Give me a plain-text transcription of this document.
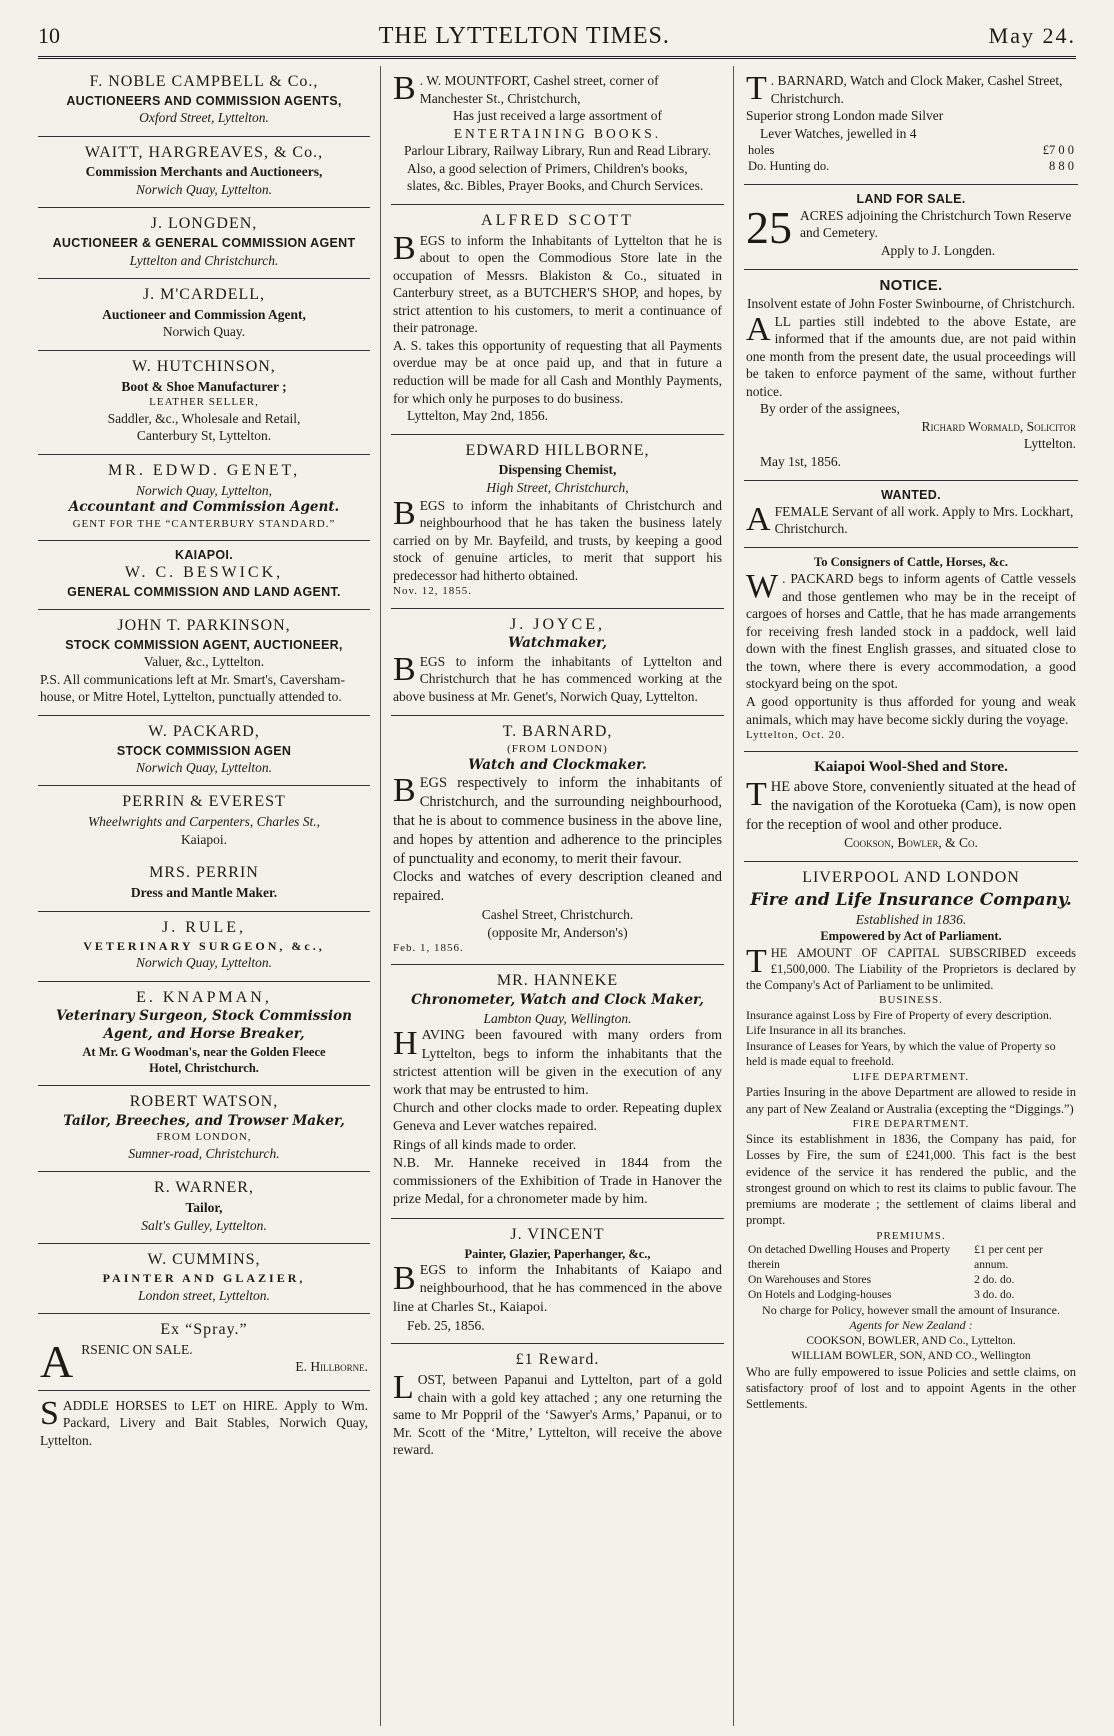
10	THE LYTTELTON TIMES.	May 24.
F. NOBLE CAMPBELL & Co.,
AUCTIONEERS AND COMMISSION AGENTS,
Oxford Street, Lyttelton.
WAITT, HARGREAVES, & Co.,
Commission Merchants and Auctioneers,
Norwich Quay, Lyttelton.
J. LONGDEN,
AUCTIONEER & GENERAL COMMISSION AGENT
Lyttelton and Christchurch.
J. M'CARDELL,
Auctioneer and Commission Agent,
Norwich Quay.
W. HUTCHINSON,
Boot & Shoe Manufacturer ;
LEATHER SELLER,
Saddler, &c., Wholesale and Retail,
Canterbury St, Lyttelton.
MR. EDWD. GENET,
Norwich Quay, Lyttelton,
Accountant and Commission Agent.
GENT FOR THE “CANTERBURY STANDARD.”
KAIAPOI.
W. C. BESWICK,
GENERAL COMMISSION AND LAND AGENT.
JOHN T. PARKINSON,
STOCK COMMISSION AGENT, AUCTIONEER,
Valuer, &c., Lyttelton.
P.S. All communications left at Mr. Smart's, Caversham-house, or Mitre Hotel, Lyttelton, punctually attended to.
W. PACKARD,
STOCK COMMISSION AGEN
Norwich Quay, Lyttelton.
PERRIN & EVEREST
Wheelwrights and Carpenters, Charles St.,
Kaiapoi.
MRS. PERRIN
Dress and Mantle Maker.
J. RULE,
VETERINARY SURGEON, &c.,
Norwich Quay, Lyttelton.
E. KNAPMAN,
Veterinary Surgeon, Stock Commission Agent, and Horse Breaker,
At Mr. G Woodman's, near the Golden Fleece
Hotel, Christchurch.
ROBERT WATSON,
Tailor, Breeches, and Trowser Maker,
FROM LONDON,
Sumner-road, Christchurch.
R. WARNER,
Tailor,
Salt's Gulley, Lyttelton.
W. CUMMINS,
PAINTER AND GLAZIER,
London street, Lyttelton.
Ex “Spray.”
ARSENIC ON SALE.
E. Hillborne.
SADDLE HORSES to LET on HIRE. Apply to Wm. Packard, Livery and Bait Stables, Norwich Quay, Lyttelton.
B . W. MOUNTFORT, Cashel street, corner of Manchester St., Christchurch,
Has just received a large assortment of
ENTERTAINING BOOKS.
Parlour Library, Railway Library, Run and Read Library.
Also, a good selection of Primers, Children's books, slates, &c. Bibles, Prayer Books, and Church Services.
ALFRED SCOTT
BEGS to inform the Inhabitants of Lyttelton that he is about to open the Commodious Store late in the occupation of Messrs. Blakiston & Co., situated in Canterbury street, as a BUTCHER'S SHOP, and hopes, by strict attention to his customers, to merit a continuance of their patronage.
A. S. takes this opportunity of requesting that all Payments overdue may be at once paid up, and that in future a reduction will be made for all Cash and Monthly Payments, for which only he purposes to do business.
Lyttelton, May 2nd, 1856.
EDWARD HILLBORNE,
Dispensing Chemist,
High Street, Christchurch,
BEGS to inform the inhabitants of Christchurch and neighbourhood that he has taken the business lately carried on by Mr. Bayfeild, and trusts, by keeping a good stock of genuine articles, to merit that support his predecessor had hitherto obtained.
Nov. 12, 1855.
J. JOYCE,
Watchmaker,
BEGS to inform the inhabitants of Lyttelton and Christchurch that he has commenced working at the above business at Mr. Genet's, Norwich Quay, Lyttelton.
T. BARNARD,
(FROM LONDON)
Watch and Clockmaker.
BEGS respectively to inform the inhabitants of Christchurch, and the surrounding neighbourhood, that he is about to commence business in the above line, and hopes by attention and adherence to the principles of punctuality and economy, to merit their favour.
Clocks and watches of every description cleaned and repaired.
Cashel Street, Christchurch.
(opposite Mr, Anderson's)
Feb. 1, 1856.
MR. HANNEKE
Chronometer, Watch and Clock Maker,
Lambton Quay, Wellington.
HAVING been favoured with many orders from Lyttelton, begs to inform the inhabitants that the strictest attention will be given in the execution of any work that may be entrusted to him.
Church and other clocks made to order. Repeating duplex Geneva and Lever watches repaired.
Rings of all kinds made to order.
N.B. Mr. Hanneke received in 1844 from the commissioners of the Exhibition of Trade in Hanover the prize Medal, for a chronometer made by him.
J. VINCENT
Painter, Glazier, Paperhanger, &c.,
BEGS to inform the Inhabitants of Kaiapo and neighbourhood, that he has commenced in the above line at Charles St., Kaiapoi.
Feb. 25, 1856.
£1 Reward.
LOST, between Papanui and Lyttelton, part of a gold chain with a gold key attached ; any one returning the same to Mr Poppril of the ‘Sawyer's Arms,’ Papanui, or to Mr. Scott of the ‘Mitre,’ Lyttelton, will receive the above reward.
T . BARNARD, Watch and Clock Maker, Cashel Street, Christchurch.
Superior strong London made Silver
Lever Watches, jewelled in 4
holes	£7 0 0
Do. Hunting do.	8 8 0
LAND FOR SALE.
25 ACRES adjoining the Christchurch Town Reserve and Cemetery.
Apply to J. Longden.
NOTICE.
Insolvent estate of John Foster Swinbourne, of Christchurch.
ALL parties still indebted to the above Estate, are informed that if the amounts due, are not paid within one month from the present date, the usual proceedings will be taken to enforce payment of the same, without further notice.
By order of the assignees,
Richard Wormald, Solicitor
Lyttelton.
May 1st, 1856.
WANTED.
AFEMALE Servant of all work. Apply to Mrs. Lockhart, Christchurch.
To Consigners of Cattle, Horses, &c.
W . PACKARD begs to inform agents of Cattle vessels and those gentlemen who may be in the receipt of cargoes of horses and Cattle, that he has made arrangements for receiving fresh landed stock in a paddock, well laid down with the finest English grasses, and situated close to the town, where there is every accommodation, a good stockyard being on the spot.
A good opportunity is thus afforded for young and weak animals, which may have become sickly during the voyage.
Lyttelton, Oct. 20.
Kaiapoi Wool-Shed and Store.
THE above Store, conveniently situated at the head of the navigation of the Korotueka (Cam), is now open for the reception of wool and other produce.
Cookson, Bowler, & Co.
LIVERPOOL AND LONDON
Fire and Life Insurance Company.
Established in 1836.
Empowered by Act of Parliament.
THE AMOUNT OF CAPITAL SUBSCRIBED exceeds £1,500,000. The Liability of the Proprietors is declared by the Company's Act of Parliament to be unlimited.
BUSINESS.
Insurance against Loss by Fire of Property of every description.
Life Insurance in all its branches.
Insurance of Leases for Years, by which the value of Property so held is made equal to freehold.
LIFE DEPARTMENT.
Parties Insuring in the above Department are allowed to reside in any part of New Zealand or Australia (excepting the “Diggings.”)
FIRE DEPARTMENT.
Since its establishment in 1836, the Company has paid, for Losses by Fire, the sum of £241,000. This fact is the best evidence of the service it has rendered the public, and the strongest ground on which to rest its claims to public favour. The premiums are moderate ; the settlement of claims liberal and prompt.
PREMIUMS.
On detached Dwelling Houses and Property therein	£1 per cent per annum.
On Warehouses and Stores	2 do. do.
On Hotels and Lodging-houses	3 do. do.
No charge for Policy, however small the amount of Insurance.
Agents for New Zealand :
COOKSON, BOWLER, AND Co., Lyttelton.
WILLIAM BOWLER, SON, AND CO., Wellington
Who are fully empowered to issue Policies and settle claims, on satisfactory proof of lost and to appoint Agents in the other Settlements.
